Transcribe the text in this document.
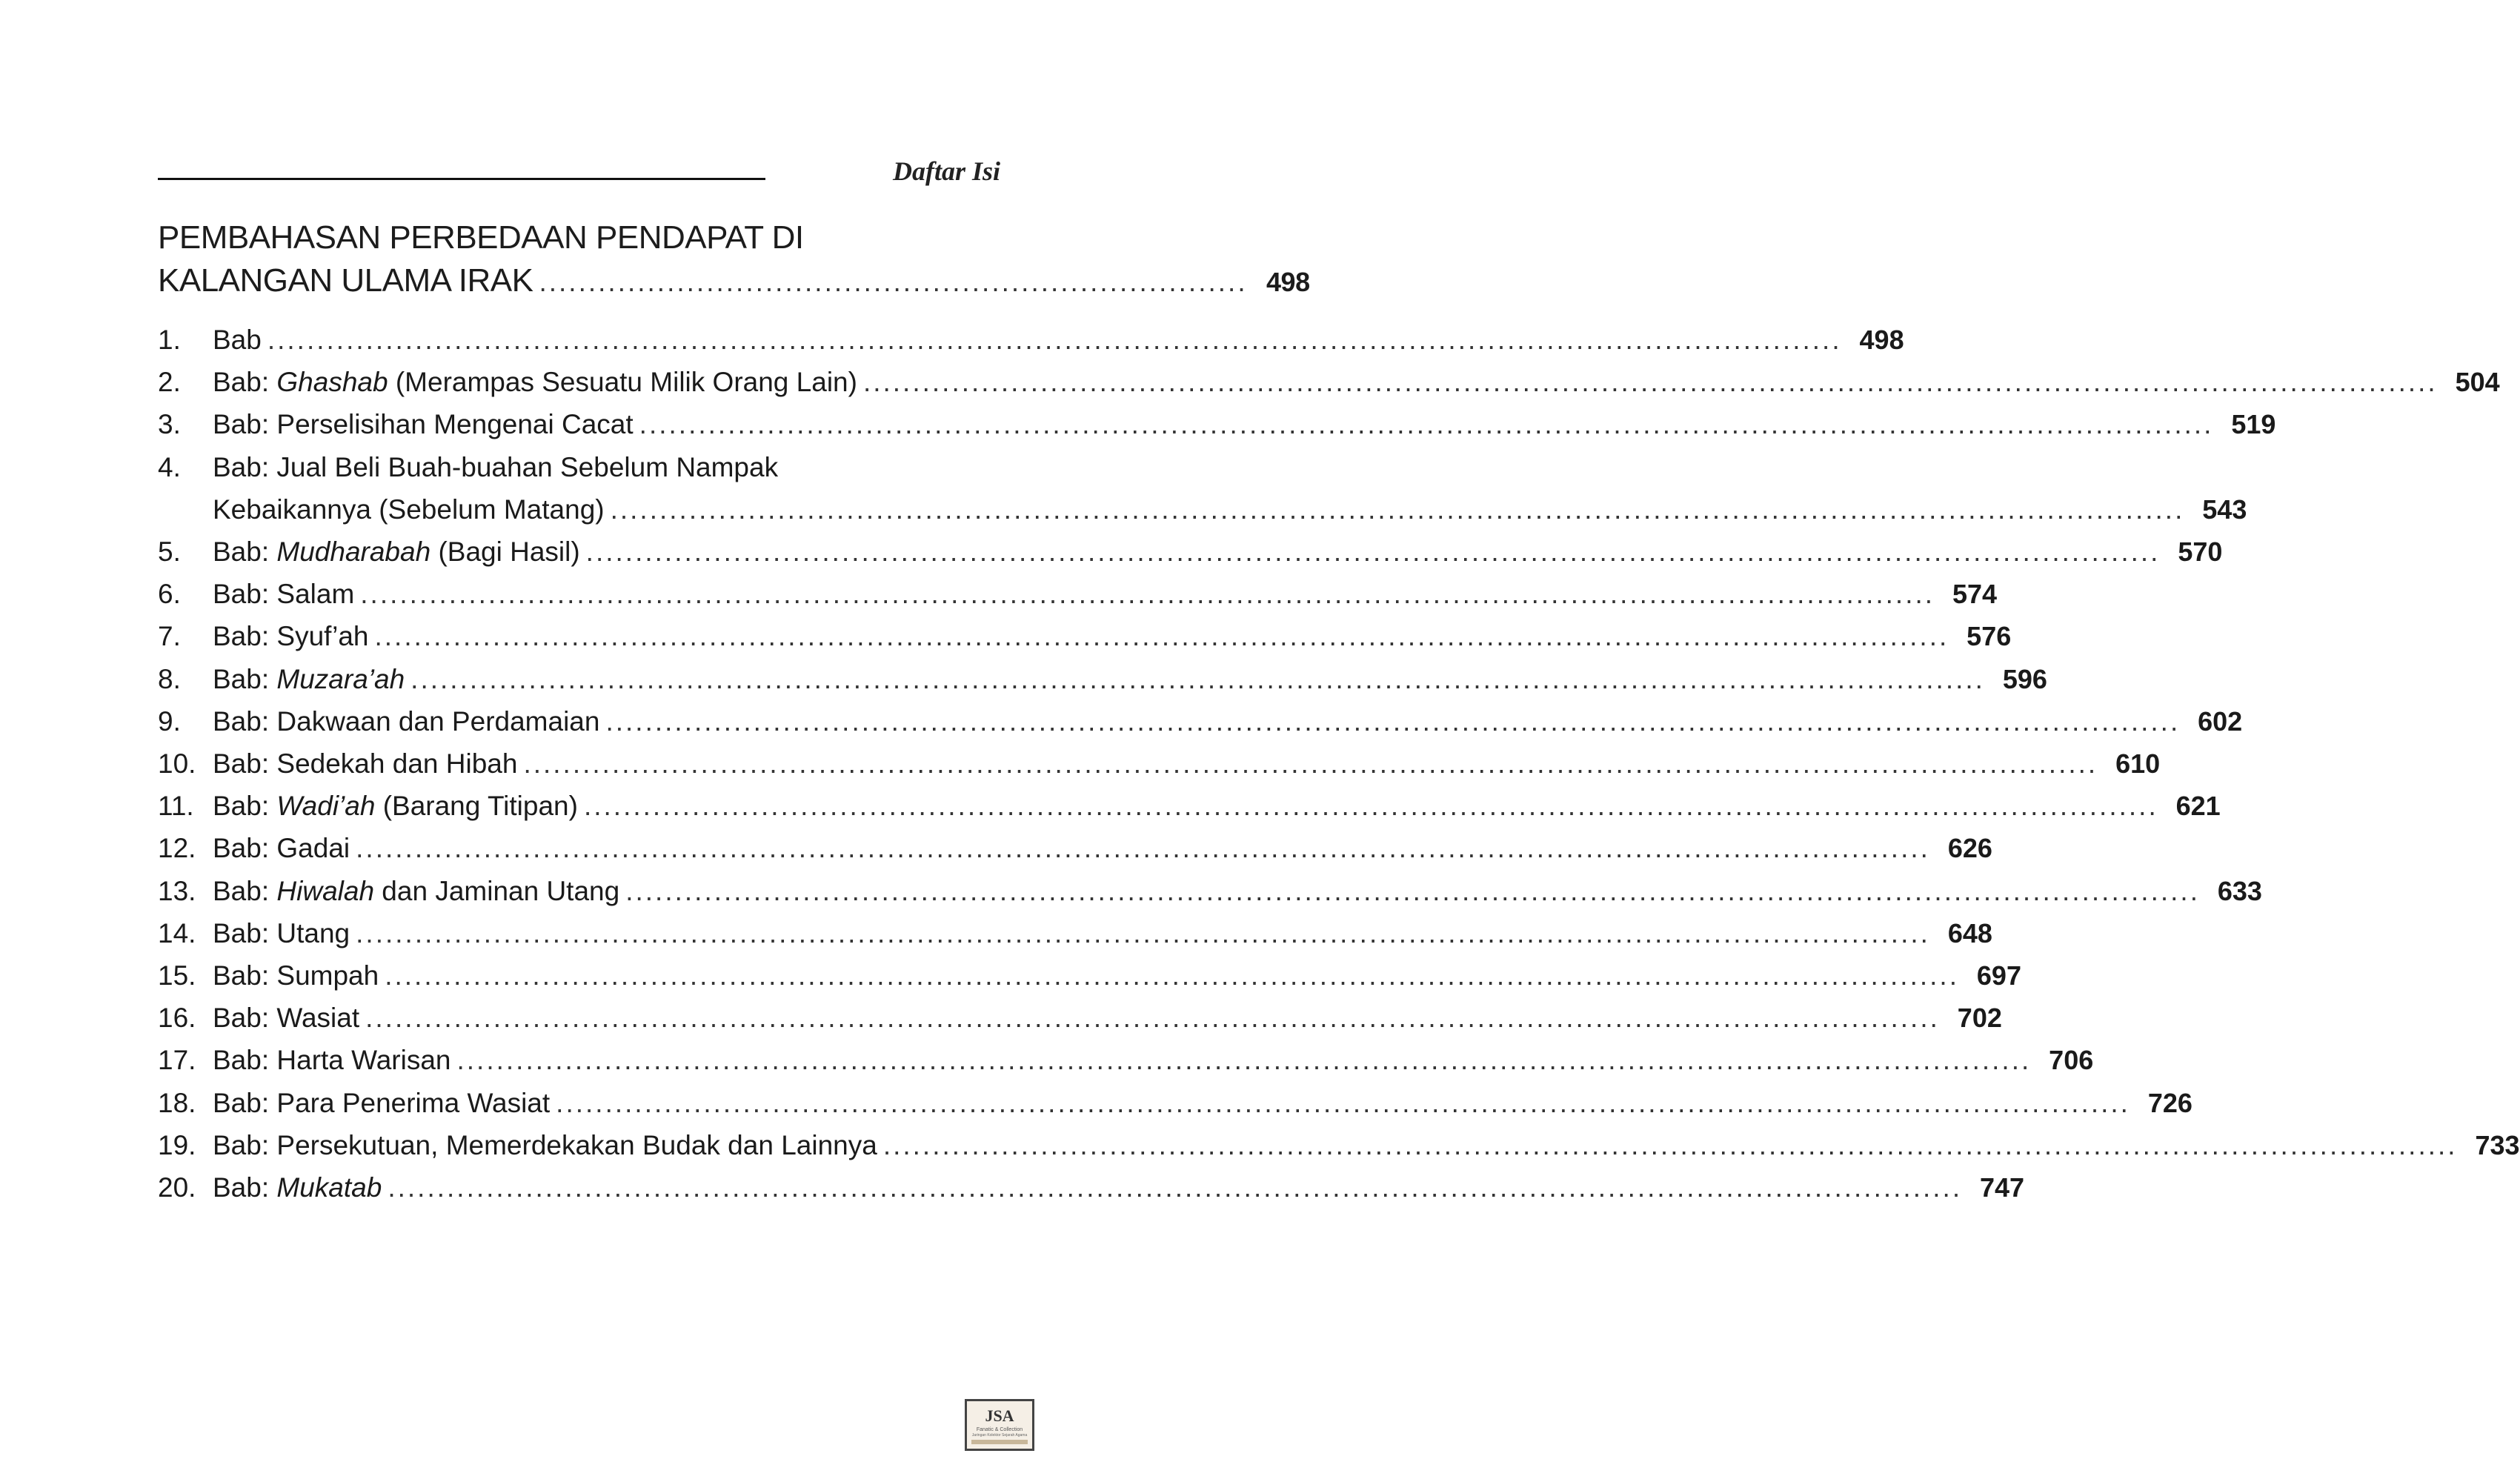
Daftar Isi
PEMBAHASAN PERBEDAAN PENDAPAT DI
KALANGAN ULAMA IRAK ........................................................................ 498
1.	Bab ................................................................................................................................................................ 498
2.	Bab: Ghashab (Merampas Sesuatu Milik Orang Lain) ................................................................................................................................................................ 504
3.	Bab: Perselisihan Mengenai Cacat ................................................................................................................................................................ 519
4.	Bab: Jual Beli Buah-buahan Sebelum Nampak
Kebaikannya (Sebelum Matang) ................................................................................................................................................................ 543
5.	Bab: Mudharabah (Bagi Hasil) ................................................................................................................................................................ 570
6.	Bab: Salam ................................................................................................................................................................ 574
7.	Bab: Syuf’ah ................................................................................................................................................................ 576
8.	Bab: Muzara’ah ................................................................................................................................................................ 596
9.	Bab: Dakwaan dan Perdamaian ................................................................................................................................................................ 602
10. Bab: Sedekah dan Hibah ................................................................................................................................................................ 610
11. Bab: Wadi’ah (Barang Titipan) ................................................................................................................................................................ 621
12. Bab: Gadai ................................................................................................................................................................ 626
13. Bab: Hiwalah dan Jaminan Utang ................................................................................................................................................................ 633
14. Bab: Utang ................................................................................................................................................................ 648
15. Bab: Sumpah ................................................................................................................................................................ 697
16. Bab: Wasiat ................................................................................................................................................................ 702
17. Bab: Harta Warisan ................................................................................................................................................................ 706
18. Bab: Para Penerima Wasiat ................................................................................................................................................................ 726
19. Bab: Persekutuan, Memerdekakan Budak dan Lainnya ................................................................................................................................................................ 733
20. Bab: Mukatab ................................................................................................................................................................ 747
JSA
Fanatic & Collection
Jaringan Kolektor Sejarah Agama
